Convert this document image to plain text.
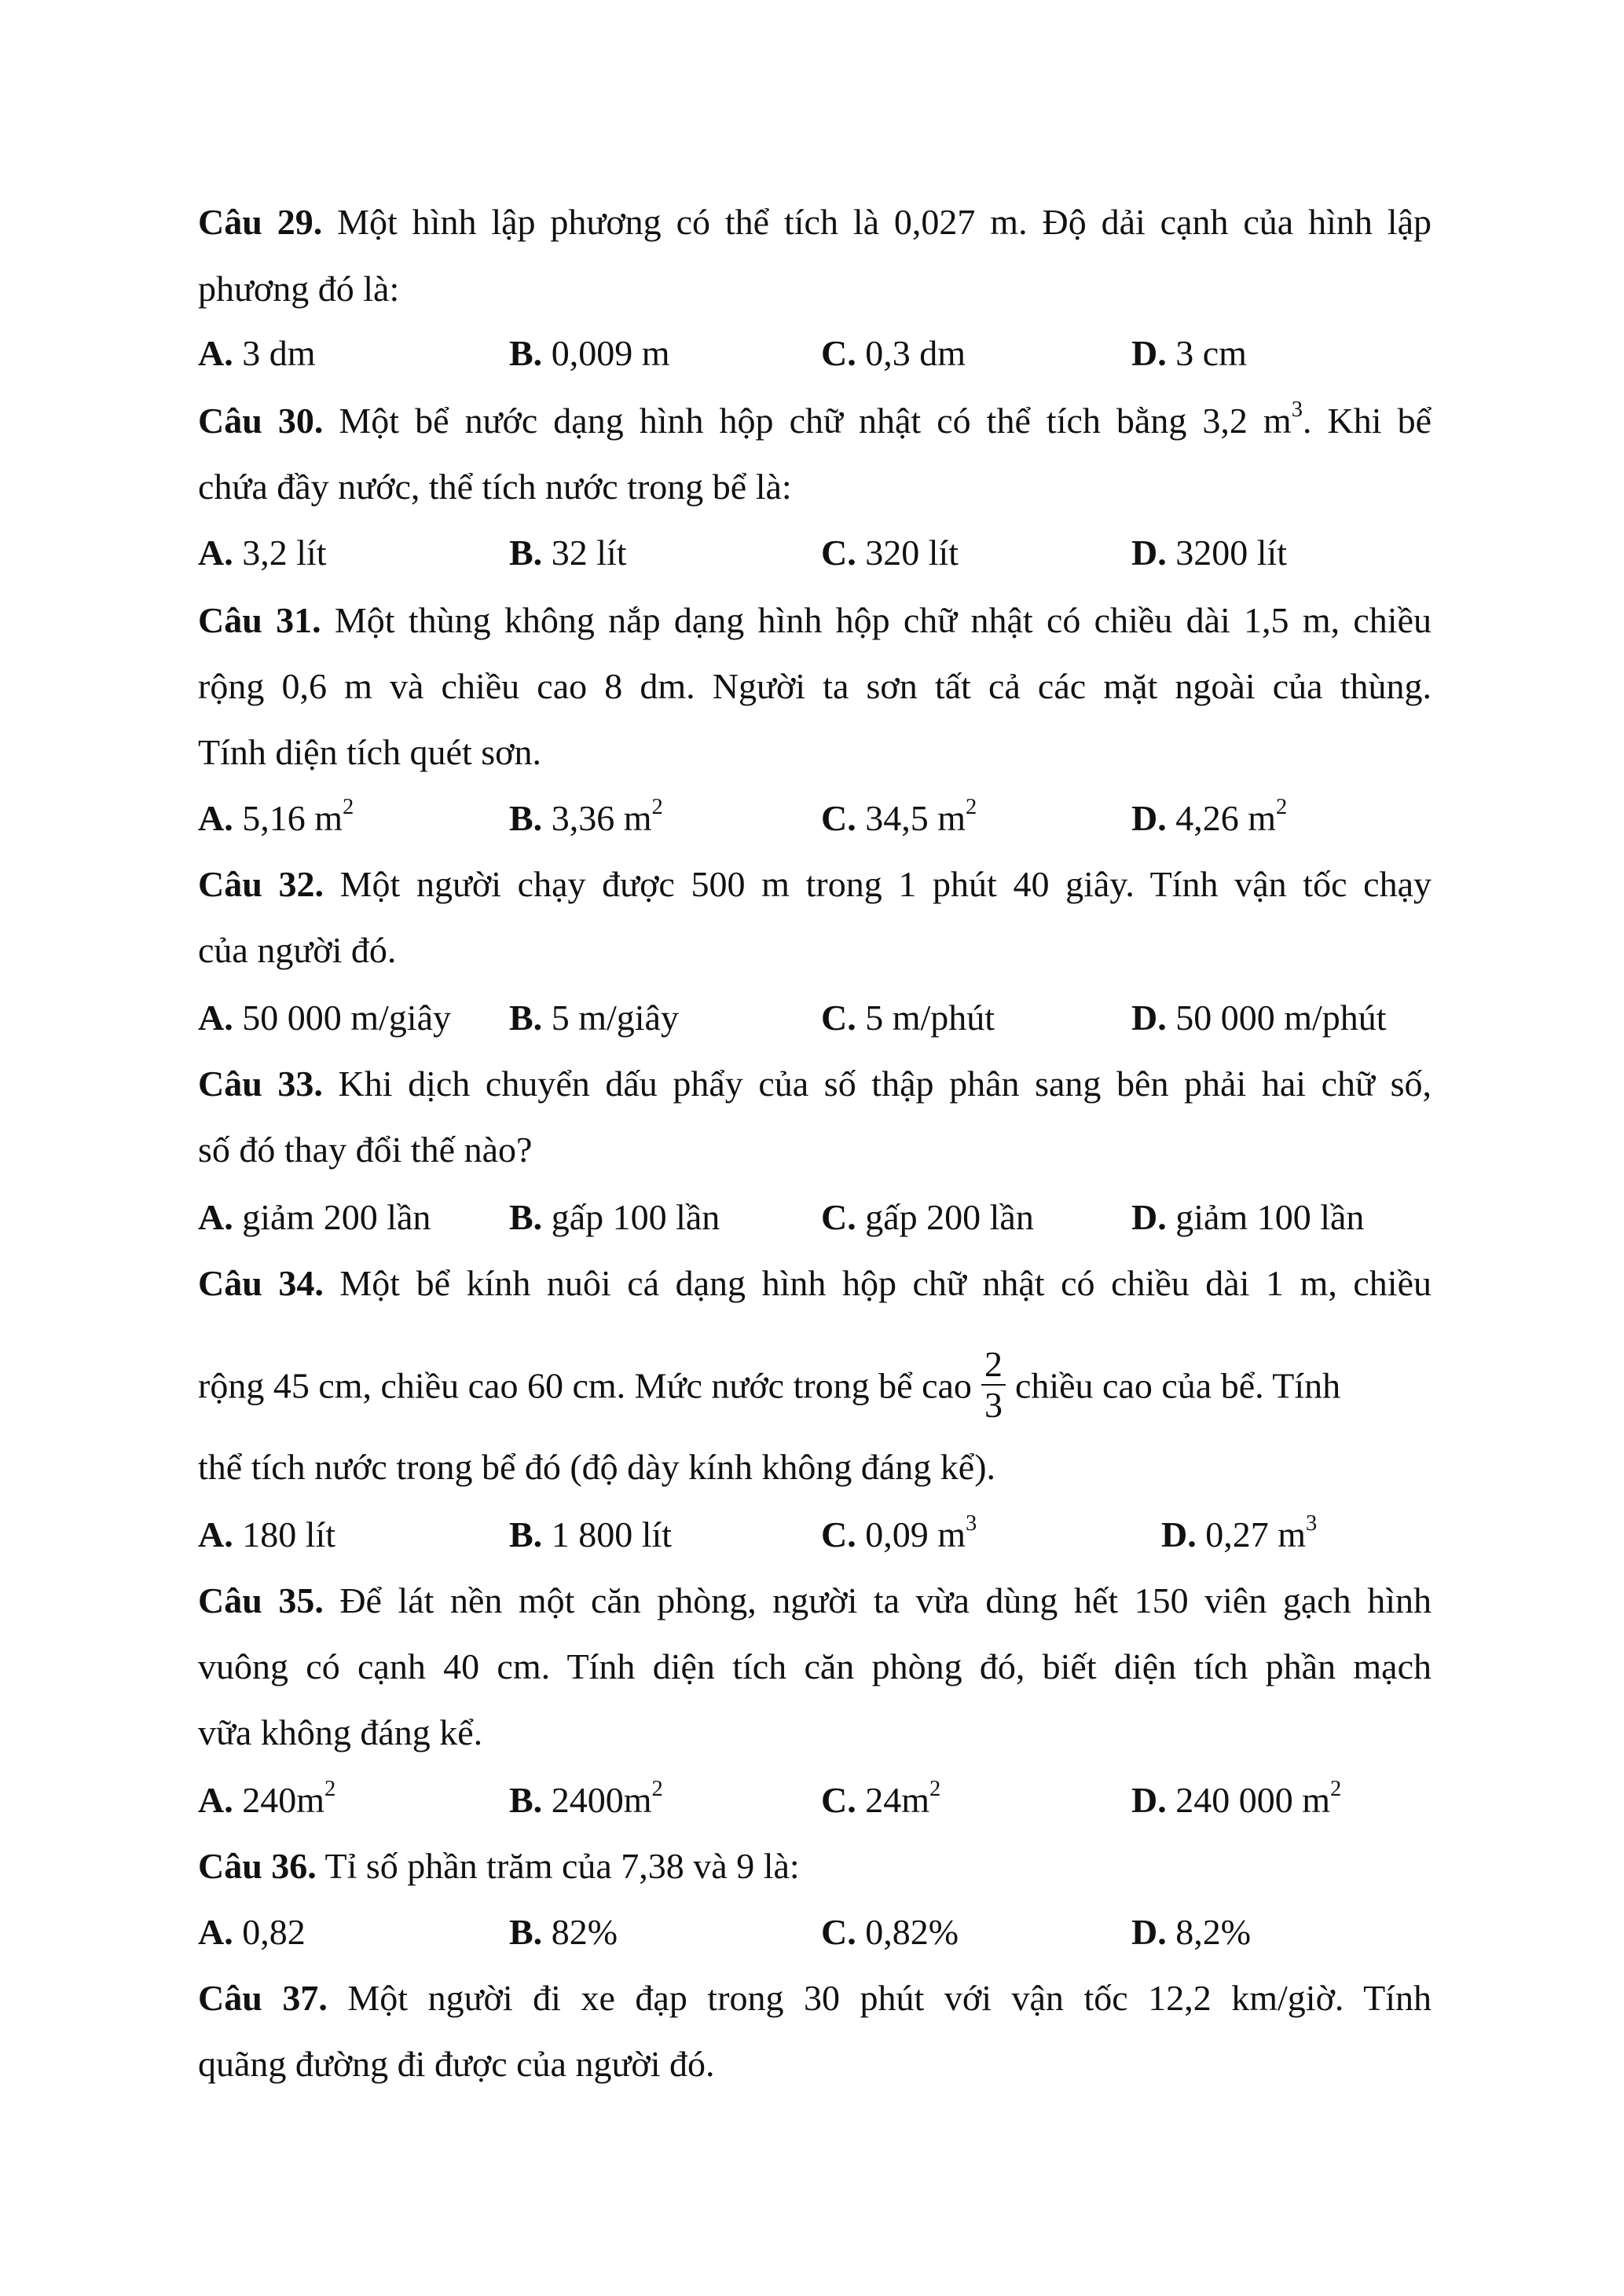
Câu 29. Một hình lập phương có thể tích là 0,027 m. Độ dải cạnh của hình lập
phương đó là:
A. 3 dm	B. 0,009 m	C. 0,3 dm	D. 3 cm
Câu 30. Một bể nước dạng hình hộp chữ nhật có thể tích bằng 3,2 $m^3$. Khi bể
chứa đầy nước, thể tích nước trong bể là:
A. 3,2 lít	B. 32 lít	C. 320 lít	D. 3200 lít
Câu 31. Một thùng không nắp dạng hình hộp chữ nhật có chiều dài 1,5 m, chiều
rộng 0,6 m và chiều cao 8 dm. Người ta sơn tất cả các mặt ngoài của thùng.
Tính diện tích quét sơn.
A. 5,16 $m^2$	B. 3,36 $m^2$	C. 34,5 $m^2$	D. 4,26 $m^2$
Câu 32. Một người chạy được 500 m trong 1 phút 40 giây. Tính vận tốc chạy
của người đó.
A. 50 000 m/giây B. 5 m/giây	C. 5 m/phút	D. 50 000 m/phút
Câu 33. Khi dịch chuyển dấu phẩy của số thập phân sang bên phải hai chữ số,
số đó thay đổi thế nào?
A. giảm 200 lần B. gấp 100 lần	C. gấp 200 lần	D. giảm 100 lần
Câu 34. Một bể kính nuôi cá dạng hình hộp chữ nhật có chiều dài 1 m, chiều
rộng 45 cm, chiều cao 60 cm. Mức nước trong bể cao $\frac{2}{3}$ chiều cao của bể. Tính
thể tích nước trong bể đó (độ dày kính không đáng kể).
A. 180 lít	B. 1 800 lít	C. 0,09 $m^3$	D. 0,27 $m^3$
Câu 35. Để lát nền một căn phòng, người ta vừa dùng hết 150 viên gạch hình
vuông có cạnh 40 cm. Tính diện tích căn phòng đó, biết diện tích phần mạch
vữa không đáng kể.
A. $240m^2$	B. $2400m^2$	C. $24m^2$	D. 240 000 $m^2$
Câu 36. Tỉ số phần trăm của 7,38 và 9 là:
A. 0,82	B. 82%	C. 0,82%	D. 8,2%
Câu 37. Một người đi xe đạp trong 30 phút với vận tốc 12,2 km/giờ. Tính
quãng đường đi được của người đó.
